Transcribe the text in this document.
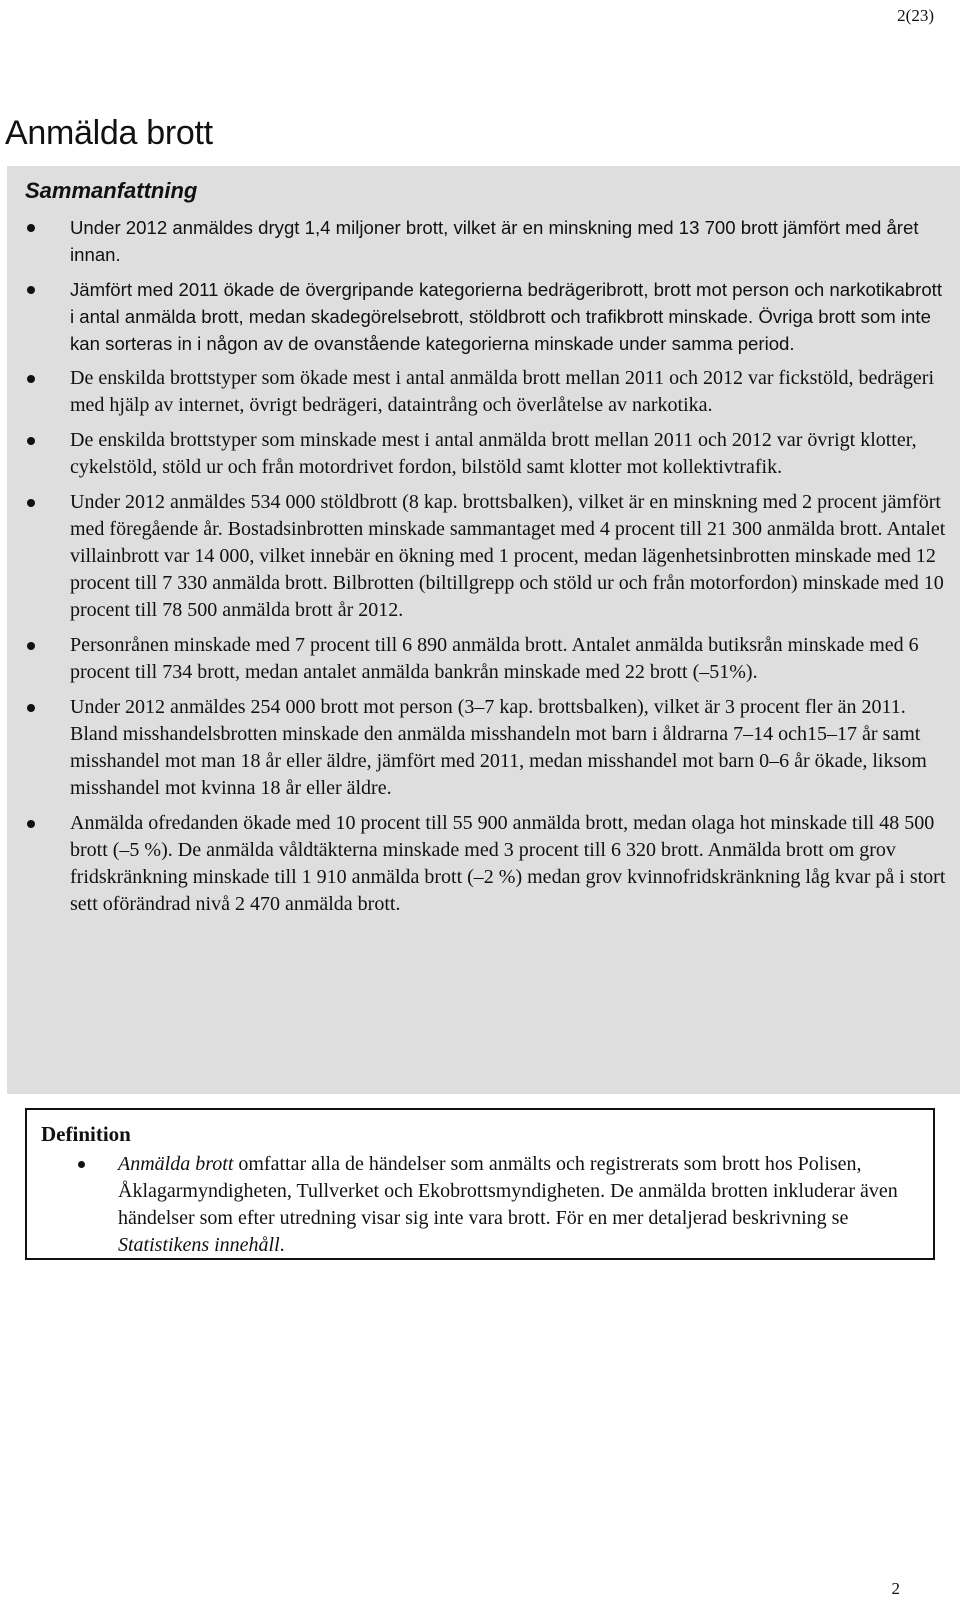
2(23)
Anmälda brott
Sammanfattning
Under 2012 anmäldes drygt 1,4 miljoner brott, vilket är en minskning med 13 700 brott jämfört med året innan.
Jämfört med 2011 ökade de övergripande kategorierna bedrägeribrott, brott mot person och narkotikabrott i antal anmälda brott, medan skadegörelsebrott, stöldbrott och trafikbrott minskade. Övriga brott som inte kan sorteras in i någon av de ovanstående kategorierna minskade under samma period.
De enskilda brottstyper som ökade mest i antal anmälda brott mellan 2011 och 2012 var fickstöld, bedrägeri med hjälp av internet, övrigt bedrägeri, dataintrång och överlåtelse av narkotika.
De enskilda brottstyper som minskade mest i antal anmälda brott mellan 2011 och 2012 var övrigt klotter, cykelstöld, stöld ur och från motordrivet fordon, bilstöld samt klotter mot kollektivtrafik.
Under 2012 anmäldes 534 000 stöldbrott (8 kap. brottsbalken), vilket är en minskning med 2 procent jämfört med föregående år. Bostadsinbrotten minskade sammantaget med 4 procent till 21 300 anmälda brott. Antalet villainbrott var 14 000, vilket innebär en ökning med 1 procent, medan lägenhetsinbrotten minskade med 12 procent till 7 330 anmälda brott. Bilbrotten (biltillgrepp och stöld ur och från motorfordon) minskade med 10 procent till 78 500 anmälda brott år 2012.
Personrånen minskade med 7 procent till 6 890 anmälda brott. Antalet anmälda butiksrån minskade med 6 procent till 734 brott, medan antalet anmälda bankrån minskade med 22 brott (–51%).
Under 2012 anmäldes 254 000 brott mot person (3–7 kap. brottsbalken), vilket är 3 procent fler än 2011. Bland misshandelsbrotten minskade den anmälda misshandeln mot barn i åldrarna 7–14 och15–17 år samt misshandel mot man 18 år eller äldre, jämfört med 2011, medan misshandel mot barn 0–6 år ökade, liksom misshandel mot kvinna 18 år eller äldre.
Anmälda ofredanden ökade med 10 procent till 55 900 anmälda brott, medan olaga hot minskade till 48 500 brott (–5 %). De anmälda våldtäkterna minskade med 3 procent till 6 320 brott. Anmälda brott om grov fridskränkning minskade till 1 910 anmälda brott (–2 %) medan grov kvinnofridskränkning låg kvar på i stort sett oförändrad nivå 2 470 anmälda brott.
Definition
Anmälda brott omfattar alla de händelser som anmälts och registrerats som brott hos Polisen, Åklagarmyndigheten, Tullverket och Ekobrottsmyndigheten. De anmälda brotten inkluderar även händelser som efter utredning visar sig inte vara brott. För en mer detaljerad beskrivning se Statistikens innehåll.
2
